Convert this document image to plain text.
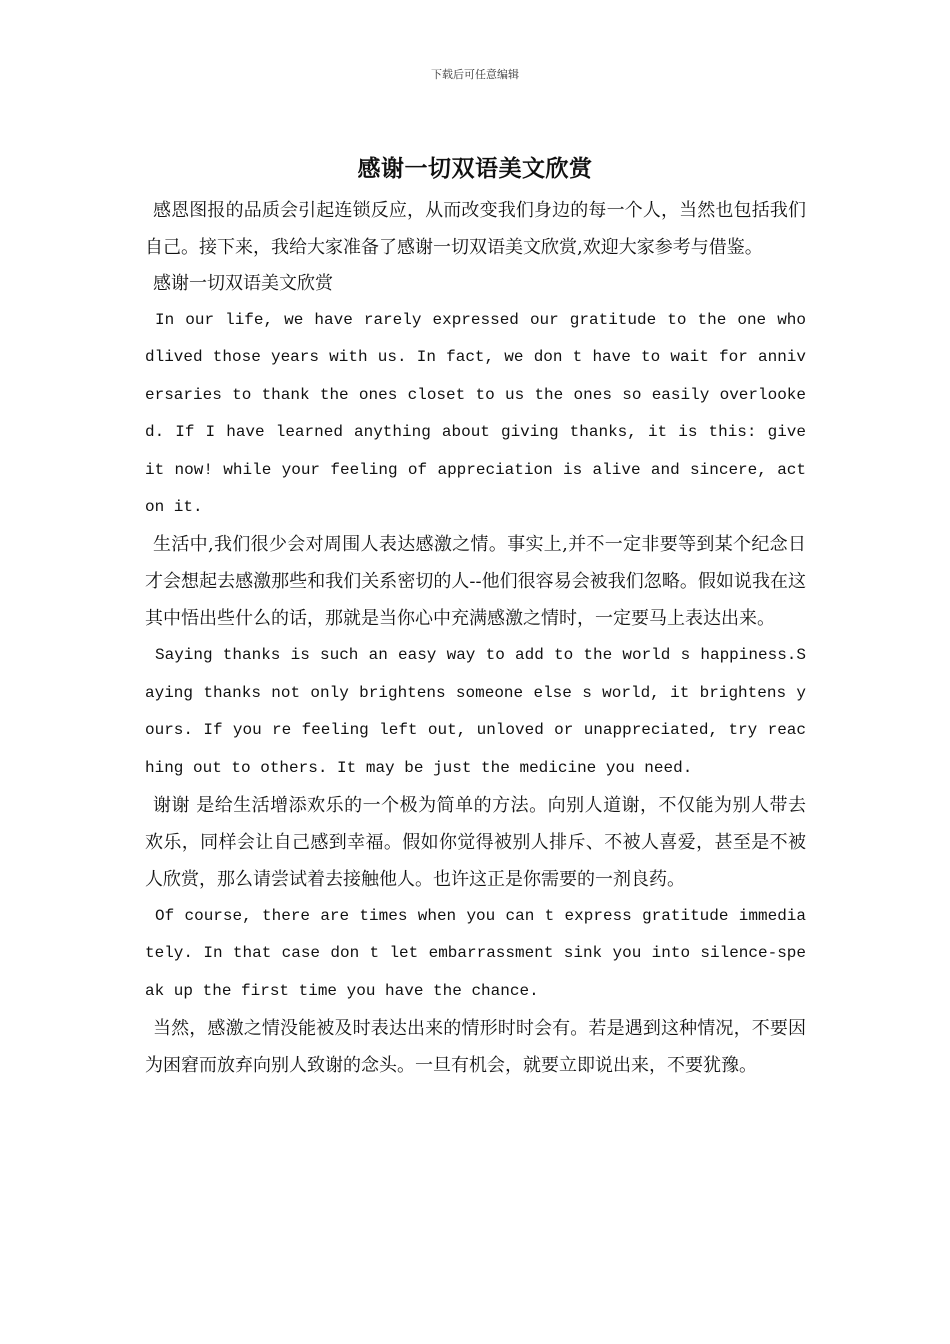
下载后可任意编辑

感谢一切双语美文欣赏

感恩图报的品质会引起连锁反应，从而改变我们身边的每一个人，当然也包括我们自己。接下来，我给大家准备了感谢一切双语美文欣赏,欢迎大家参考与借鉴。

感谢一切双语美文欣赏

In our life, we have rarely expressed our gratitude to the one who dlived those years with us. In fact, we don t have to wait for anniversaries to thank the ones closet to us the ones so easily overlooked. If I have learned anything about giving thanks, it is this: give it now! while your feeling of appreciation is alive and sincere, act on it.

生活中,我们很少会对周围人表达感激之情。事实上,并不一定非要等到某个纪念日才会想起去感激那些和我们关系密切的人--他们很容易会被我们忽略。假如说我在这其中悟出些什么的话，那就是当你心中充满感激之情时，一定要马上表达出来。

Saying thanks is such an easy way to add to the world s happiness.Saying thanks not only brightens someone else s world, it brightens yours. If you re feeling left out, unloved or unappreciated, try reaching out to others. It may be just the medicine you need.

谢谢 是给生活增添欢乐的一个极为简单的方法。向别人道谢，不仅能为别人带去欢乐，同样会让自己感到幸福。假如你觉得被别人排斥、不被人喜爱，甚至是不被人欣赏，那么请尝试着去接触他人。也许这正是你需要的一剂良药。

Of course, there are times when you can t express gratitude immediately. In that case don t let embarrassment sink you into silence-speak up the first time you have the chance.

当然，感激之情没能被及时表达出来的情形时时会有。若是遇到这种情况，不要因为困窘而放弃向别人致谢的念头。一旦有机会，就要立即说出来，不要犹豫。
